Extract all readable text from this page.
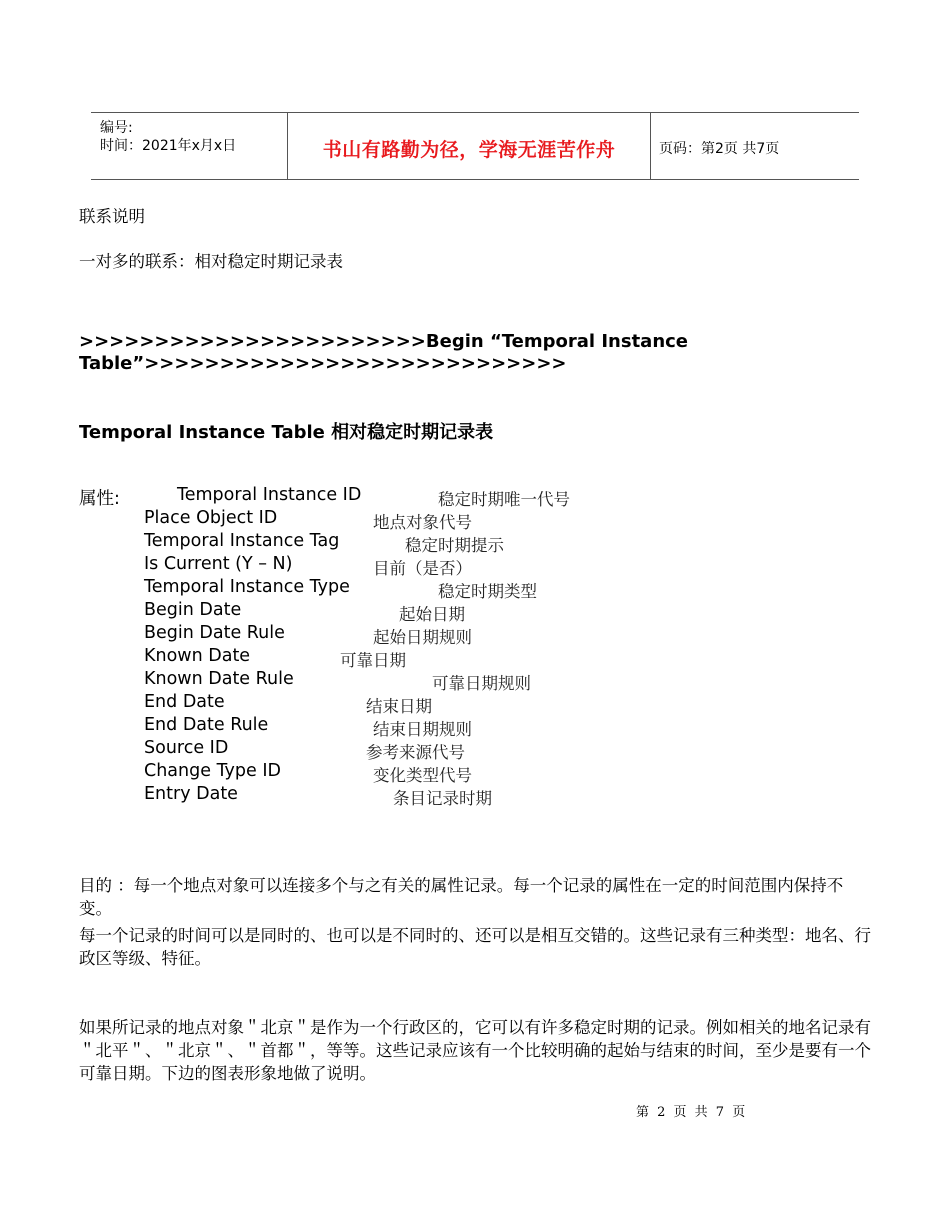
编号:
时间：2021年x月x日	书山有路勤为径，学海无涯苦作舟	页码：第2页 共7页
联系说明
一对多的联系：相对稳定时期记录表
>>>>>>>>>>>>>>>>>>>>>>>Begin “Temporal Instance
Table”>>>>>>>>>>>>>>>>>>>>>>>>>>>>
Temporal Instance Table 相对稳定时期记录表
属性:	Temporal Instance ID	稳定时期唯一代号
Place Object ID	地点对象代号
Temporal Instance Tag	稳定时期提示
Is Current (Y – N)	目前（是否）
Temporal Instance Type	稳定时期类型
Begin Date	起始日期
Begin Date Rule	起始日期规则
Known Date	可靠日期
Known Date Rule	可靠日期规则
End Date	结束日期
End Date Rule	结束日期规则
Source ID	参考来源代号
Change Type ID	变化类型代号
Entry Date	条目记录时期
目的 ：每一个地点对象可以连接多个与之有关的属性记录。每一个记录的属性在一定的时间范围内保持不变。
每一个记录的时间可以是同时的、也可以是不同时的、还可以是相互交错的。这些记录有三种类型：地名、行政区等级、特征。
如果所记录的地点对象＂北京＂是作为一个行政区的，它可以有许多稳定时期的记录。例如相关的地名记录有＂北平＂、＂北京＂、＂首都＂，等等。这些记录应该有一个比较明确的起始与结束的时间，至少是要有一个可靠日期。下边的图表形象地做了说明。
第 2 页 共 7 页
